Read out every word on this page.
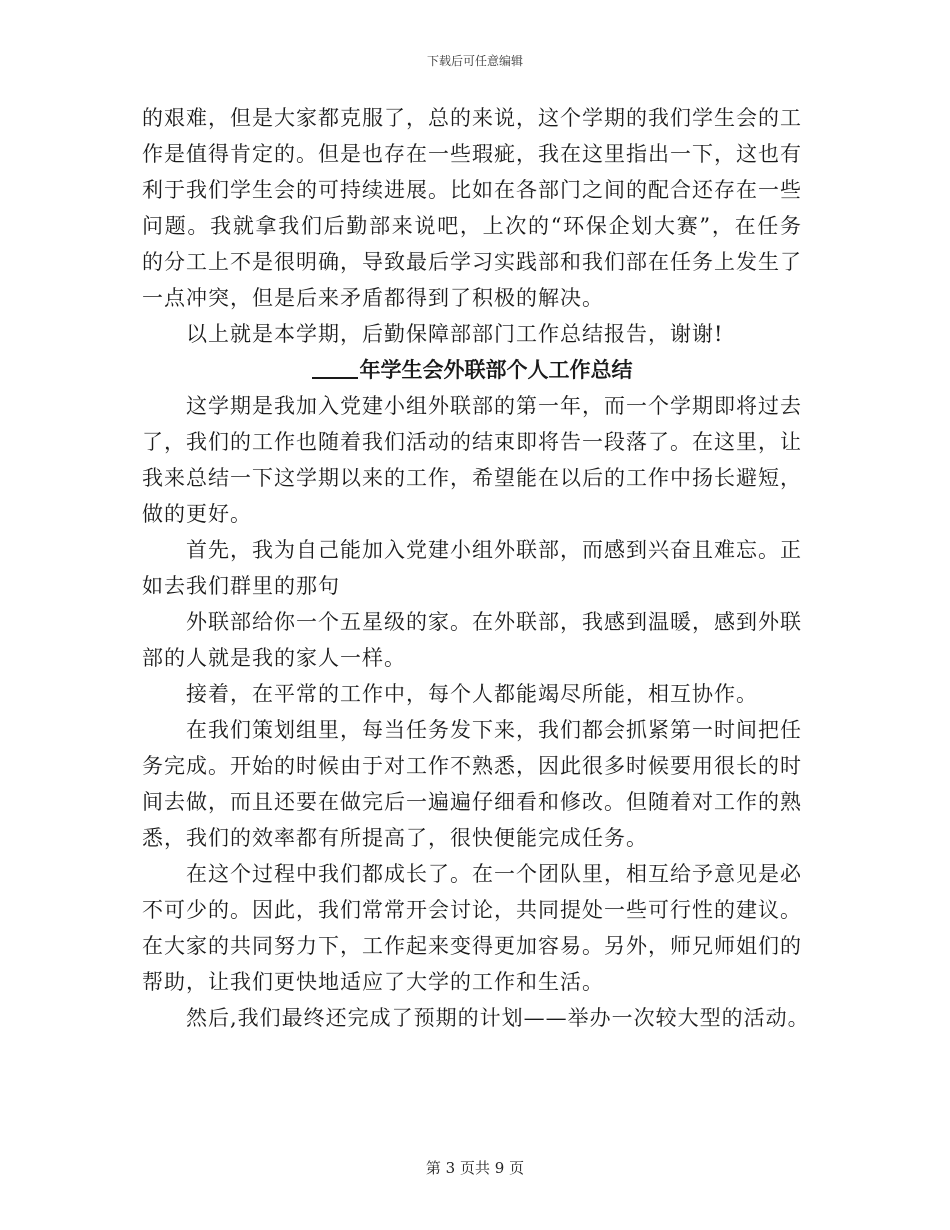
下载后可任意编辑
的艰难，但是大家都克服了，总的来说，这个学期的我们学生会的工
作是值得肯定的。但是也存在一些瑕疵，我在这里指出一下，这也有
利于我们学生会的可持续进展。比如在各部门之间的配合还存在一些
问题。我就拿我们后勤部来说吧，上次的“环保企划大赛”，在任务
的分工上不是很明确，导致最后学习实践部和我们部在任务上发生了
一点冲突，但是后来矛盾都得到了积极的解决。
以上就是本学期，后勤保障部部门工作总结报告，谢谢!
年学生会外联部个人工作总结
这学期是我加入党建小组外联部的第一年，而一个学期即将过去
了，我们的工作也随着我们活动的结束即将告一段落了。在这里，让
我来总结一下这学期以来的工作，希望能在以后的工作中扬长避短，
做的更好。
首先，我为自己能加入党建小组外联部，而感到兴奋且难忘。正
如去我们群里的那句
外联部给你一个五星级的家。在外联部，我感到温暖，感到外联
部的人就是我的家人一样。
接着，在平常的工作中，每个人都能竭尽所能，相互协作。
在我们策划组里，每当任务发下来，我们都会抓紧第一时间把任
务完成。开始的时候由于对工作不熟悉，因此很多时候要用很长的时
间去做，而且还要在做完后一遍遍仔细看和修改。但随着对工作的熟
悉，我们的效率都有所提高了，很快便能完成任务。
在这个过程中我们都成长了。在一个团队里，相互给予意见是必
不可少的。因此，我们常常开会讨论，共同提处一些可行性的建议。
在大家的共同努力下，工作起来变得更加容易。另外，师兄师姐们的
帮助，让我们更快地适应了大学的工作和生活。
然后,我们最终还完成了预期的计划——举办一次较大型的活动。
第 3 页共 9 页
